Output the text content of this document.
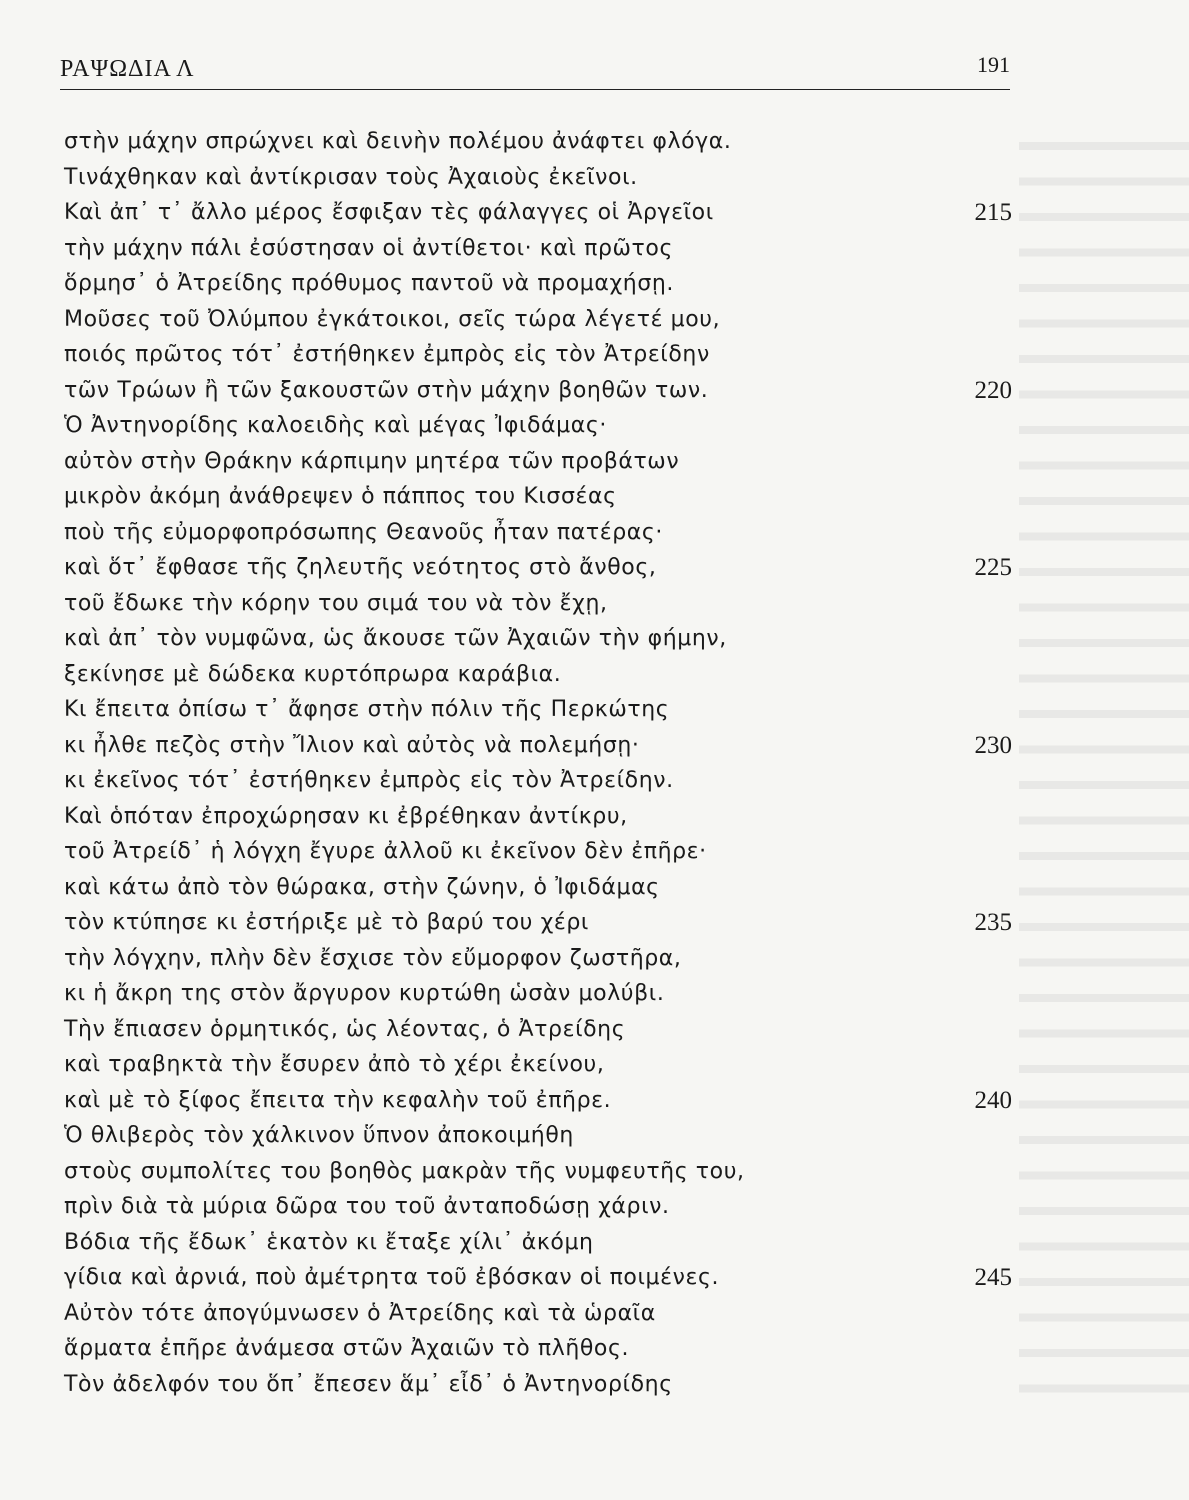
ΡΑΨΩΔΙΑ Λ	191
στὴν μάχην σπρώχνει καὶ δεινὴν πολέμου ἀνάφτει φλόγα.
Τινάχθηκαν καὶ ἀντίκρισαν τοὺς Ἀχαιοὺς ἐκεῖνοι.
Καὶ ἀπ᾽ τ᾽ ἄλλο μέρος ἔσφιξαν τὲς φάλαγγες οἱ Ἀργεῖοι	215
τὴν μάχην πάλι ἐσύστησαν οἱ ἀντίθετοι· καὶ πρῶτος
ὅρμησ᾽ ὁ Ἀτρείδης πρόθυμος παντοῦ νὰ προμαχήσῃ.
Μοῦσες τοῦ Ὀλύμπου ἐγκάτοικοι, σεῖς τώρα λέγετέ μου,
ποιός πρῶτος τότ᾽ ἐστήθηκεν ἐμπρὸς εἰς τὸν Ἀτρείδην
τῶν Τρώων ἢ τῶν ξακουστῶν στὴν μάχην βοηθῶν των.	220
Ὁ Ἀντηνορίδης καλοειδὴς καὶ μέγας Ἰφιδάμας·
αὐτὸν στὴν Θράκην κάρπιμην μητέρα τῶν προβάτων
μικρὸν ἀκόμη ἀνάθρεψεν ὁ πάππος του Κισσέας
ποὺ τῆς εὐμορφοπρόσωπης Θεανοῦς ἦταν πατέρας·
καὶ ὅτ᾽ ἔφθασε τῆς ζηλευτῆς νεότητος στὸ ἄνθος,	225
τοῦ ἔδωκε τὴν κόρην του σιμά του νὰ τὸν ἔχῃ,
καὶ ἀπ᾽ τὸν νυμφῶνα, ὡς ἄκουσε τῶν Ἀχαιῶν τὴν φήμην,
ξεκίνησε μὲ δώδεκα κυρτόπρωρα καράβια.
Κι ἔπειτα ὀπίσω τ᾽ ἄφησε στὴν πόλιν τῆς Περκώτης
κι ἦλθε πεζὸς στὴν Ἴλιον καὶ αὐτὸς νὰ πολεμήσῃ·	230
κι ἐκεῖνος τότ᾽ ἐστήθηκεν ἐμπρὸς εἰς τὸν Ἀτρείδην.
Καὶ ὁπόταν ἐπροχώρησαν κι ἐβρέθηκαν ἀντίκρυ,
τοῦ Ἀτρείδ᾽ ἡ λόγχη ἔγυρε ἀλλοῦ κι ἐκεῖνον δὲν ἐπῆρε·
καὶ κάτω ἀπὸ τὸν θώρακα, στὴν ζώνην, ὁ Ἰφιδάμας
τὸν κτύπησε κι ἐστήριξε μὲ τὸ βαρύ του χέρι	235
τὴν λόγχην, πλὴν δὲν ἔσχισε τὸν εὔμορφον ζωστῆρα,
κι ἡ ἄκρη της στὸν ἄργυρον κυρτώθη ὡσὰν μολύβι.
Τὴν ἔπιασεν ὁρμητικός, ὡς λέοντας, ὁ Ἀτρείδης
καὶ τραβηκτὰ τὴν ἔσυρεν ἀπὸ τὸ χέρι ἐκείνου,
καὶ μὲ τὸ ξίφος ἔπειτα τὴν κεφαλὴν τοῦ ἐπῆρε.	240
Ὁ θλιβερὸς τὸν χάλκινον ὕπνον ἀποκοιμήθη
στοὺς συμπολίτες του βοηθὸς μακρὰν τῆς νυμφευτῆς του,
πρὶν διὰ τὰ μύρια δῶρα του τοῦ ἀνταποδώσῃ χάριν.
Βόδια τῆς ἔδωκ᾽ ἑκατὸν κι ἔταξε χίλι᾽ ἀκόμη
γίδια καὶ ἀρνιά, ποὺ ἀμέτρητα τοῦ ἐβόσκαν οἱ ποιμένες.	245
Αὐτὸν τότε ἀπογύμνωσεν ὁ Ἀτρείδης καὶ τὰ ὡραῖα
ἅρματα ἐπῆρε ἀνάμεσα στῶν Ἀχαιῶν τὸ πλῆθος.
Τὸν ἀδελφόν του ὅπ᾽ ἔπεσεν ἅμ᾽ εἶδ᾽ ὁ Ἀντηνορίδης
